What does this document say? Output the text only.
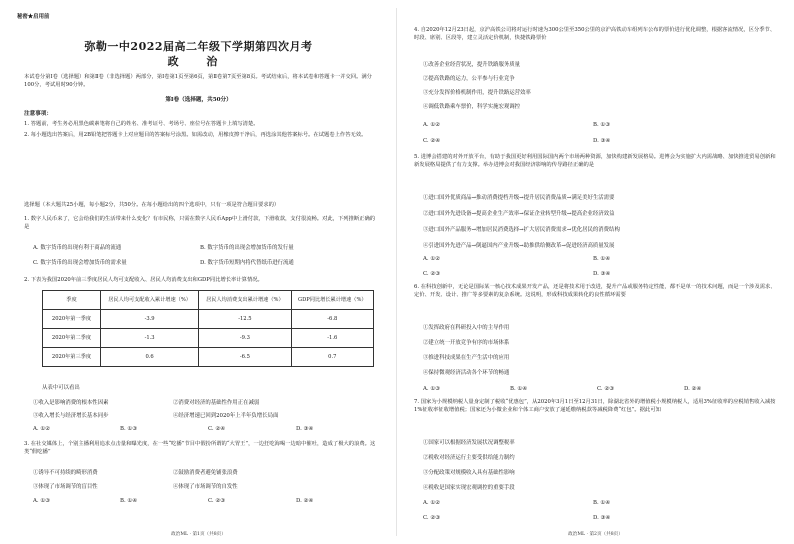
秘密★启用前
弥勒一中2022届高二年级下学期第四次月考
政 治
本试卷分第Ⅰ卷（选择题）和第Ⅱ卷（非选择题）两部分，第Ⅰ卷第1页至第6页，第Ⅱ卷第7页至第8页。考试结束后，将本试卷和答题卡一并交回。满分100分，考试用时90分钟。
第Ⅰ卷（选择题，共50分）
注意事项：
1. 答题前，考生务必用黑色碳素笔将自己的姓名、准考证号、考场号、座位号在答题卡上填写清楚。
2. 每小题选出答案后，用2B铅笔把答题卡上对应题目的答案标号涂黑。如需改动，用橡皮擦干净后，再选涂其他答案标号。在试题卷上作答无效。
选择题（本大题共25小题，每小题2分，共50分。在每小题给出的四个选项中，只有一项是符合题目要求的）
1. 数字人民币来了，它会给我们的生活带来什么变化？有市民称，只需在数字人民币App中上滑付款，下滑收款，支付很流畅。对此，下列推断正确的是
A. 数字货币的出现有利于商品的流通	B. 数字货币的出现会增加货币的发行量
C. 数字货币的出现会增加货币的需求量	D. 数字货币短期内将代替纸币进行流通
2. 下表为我国2020年前三季度居民人均可支配收入、居民人均消费支出和GDP同比增长率计算情况。
季度	居民人均可支配收入累计增速（%）	居民人均消费支出累计增速（%）	GDP同比增长累计增速（%）
2020年第一季度	-3.9	-12.5	-6.8
2020年第二季度	-1.3	-9.3	-1.6
2020年第三季度	0.6	-6.5	0.7
从表中可以看出
①收入是影响消费的根本性因素	②消费对经济的基础性作用正在减弱
③收入增长与经济增长基本同步	④经济增速已回到2020年上半年负增长局面
A. ①②	B. ①③	C. ②④	D. ③④
3. 在社交媒体上，个别主播利用追求点击量和曝光度，在一些“吃播”节目中假扮所谓的“大胃王”，一边狂吃海喝一边暗中催吐，造成了极大的浪费。这类“假吃播”
①诱导不可持续的畸形消费	②鼓励消费者避免铺张浪费
③体现了市场调节的盲目性	④体现了市场调节的自发性
A. ①③	B. ①④	C. ②③	D. ②④
政治ML · 第1页（共8页）
4. 自2020年12月23日起，京沪高铁公司将对运行时速为300公里至350公里的京沪高铁动车组列车公布的票价进行优化调整，根据客流情况，区分季节、时段、席别、区段等，建立灵活定价机制，快捷铁路票价
①改善企业经营状况，提升铁路服务质量
②提高铁路的运力，公平参与行业竞争
③充分发挥价格机制作用，提升铁路运营效率
④调低铁路乘车票价，科学实施宏观调控
A. ①②	B. ①③
C. ②④	D. ③④
5. 进博会搭建的对外开放平台，有助于我国更好利用国际国内两个市场两种资源，加快构建新发展格局。进博会为实施扩大内需战略、加快推进贸易创新和新发展格局提供了有力支撑。举办进博会对我国经济影响的传导路径正确的是
①进口国外优质商品→推动消费提档升级→提升居民消费品质→满足美好生活需要
②进口国外先进设备→提高企业生产效率→保证企业转型升级→提高企业经济效益
③进口国外产品服务→增加居民消费选择→扩大居民消费需求→优化居民的消费结构
④引进国外先进产品→倒逼国内产业升级→助推供给侧改革→促进经济高质量发展
A. ①②	B. ①④
C. ②③	D. ③④
6. 在科技创新中，无论是国际某一核心技术成果开发产品，还是将技术用于改进，提升产品或服务特定性能，都不是单一的技术问题，而是一个涉及需求、定价、开发、设计、推广等多要素的复杂系统。这说明，形成科技成果转化的良性循环需要
①发挥政府在科研投入中的主导作用
②建立统一开放竞争有序的市场体系
③推进科技成果在生产生活中的应用
④保持微观经济活动各个环节的畅通
A. ①③	B. ①④	C. ②③	D. ②④
7. 国家为小规模纳税人量身定制了税收“优惠包”，从2020年3月1日至12月31日，除湖北省外的增值税小规模纳税人，适用3%征收率的应税销售收入减按1%征收率征收增值税；国家还为小微企业和个体工商户安放了递延缴纳税款等减税降费“红包”。据此可知
①国家可以根据经济发展状况调整税率
②税收对经济运行主要受供给能力制约
③分配政策对规模收入具有基础性影响
④税收是国家实现宏观调控的重要手段
A. ①②	B. ①④
C. ②③	D. ③④
政治ML · 第2页（共8页）
